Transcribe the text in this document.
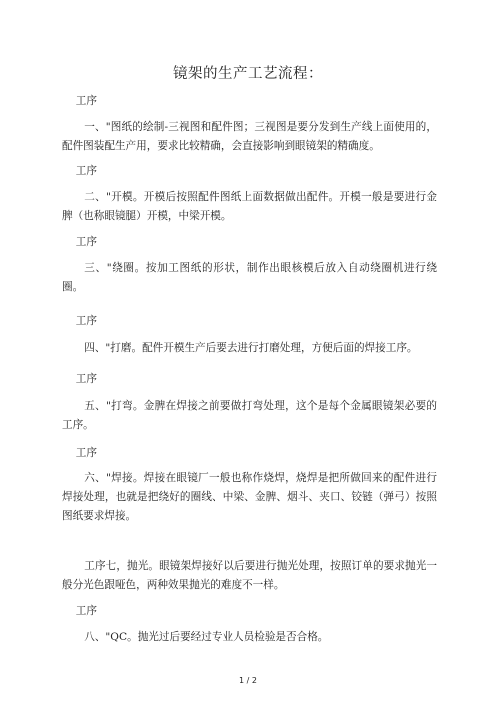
镜架的生产工艺流程：

工序

一、"图纸的绘制-三视图和配件图；三视图是要分发到生产线上面使用的，配件图装配生产用，要求比较精确，会直接影响到眼镜架的精确度。

工序

二、"开模。开模后按照配件图纸上面数据做出配件。开模一般是要进行金脾（也称眼镜腿）开模，中梁开模。

工序

三、"绕圈。按加工图纸的形状，制作出眼核模后放入自动绕圈机进行绕圈。

工序

四、"打磨。配件开模生产后要去进行打磨处理，方便后面的焊接工序。

工序

五、"打弯。金脾在焊接之前要做打弯处理，这个是每个金属眼镜架必要的工序。

工序

六、"焊接。焊接在眼镜厂一般也称作烧焊，烧焊是把所做回来的配件进行焊接处理，也就是把绕好的圈线、中梁、金脾、烟斗、夹口、铰链（弹弓）按照图纸要求焊接。

工序七，抛光。眼镜架焊接好以后要进行抛光处理，按照订单的要求抛光一般分光色跟哑色，两种效果抛光的难度不一样。

工序

八、"QC。抛光过后要经过专业人员检验是否合格。

1 / 2
